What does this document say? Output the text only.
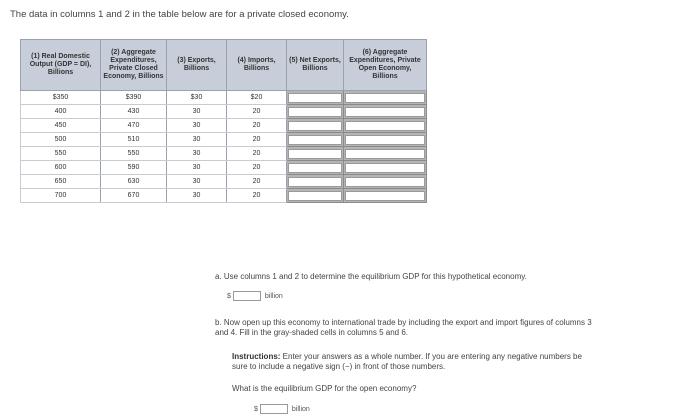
The data in columns 1 and 2 in the table below are for a private closed economy.
(1) Real Domestic Output (GDP = DI), Billions	(2) Aggregate Expenditures, Private Closed Economy, Billions	(3) Exports, Billions	(4) Imports, Billions	(5) Net Exports, Billions	(6) Aggregate Expenditures, Private Open Economy, Billions
$350	$390	$30	$20	

400	430	30	20	

450	470	30	20	

500	510	30	20	

550	550	30	20	

600	590	30	20	

650	630	30	20	

700	670	30	20	

a. Use columns 1 and 2 to determine the equilibrium GDP for this hypothetical economy.
$	billion
b. Now open up this economy to international trade by including the export and import figures of columns 3 and 4. Fill in the gray-shaded cells in columns 5 and 6.
Instructions: Enter your answers as a whole number. If you are entering any negative numbers be sure to include a negative sign (−) in front of those numbers.
What is the equilibrium GDP for the open economy?
$	billion
